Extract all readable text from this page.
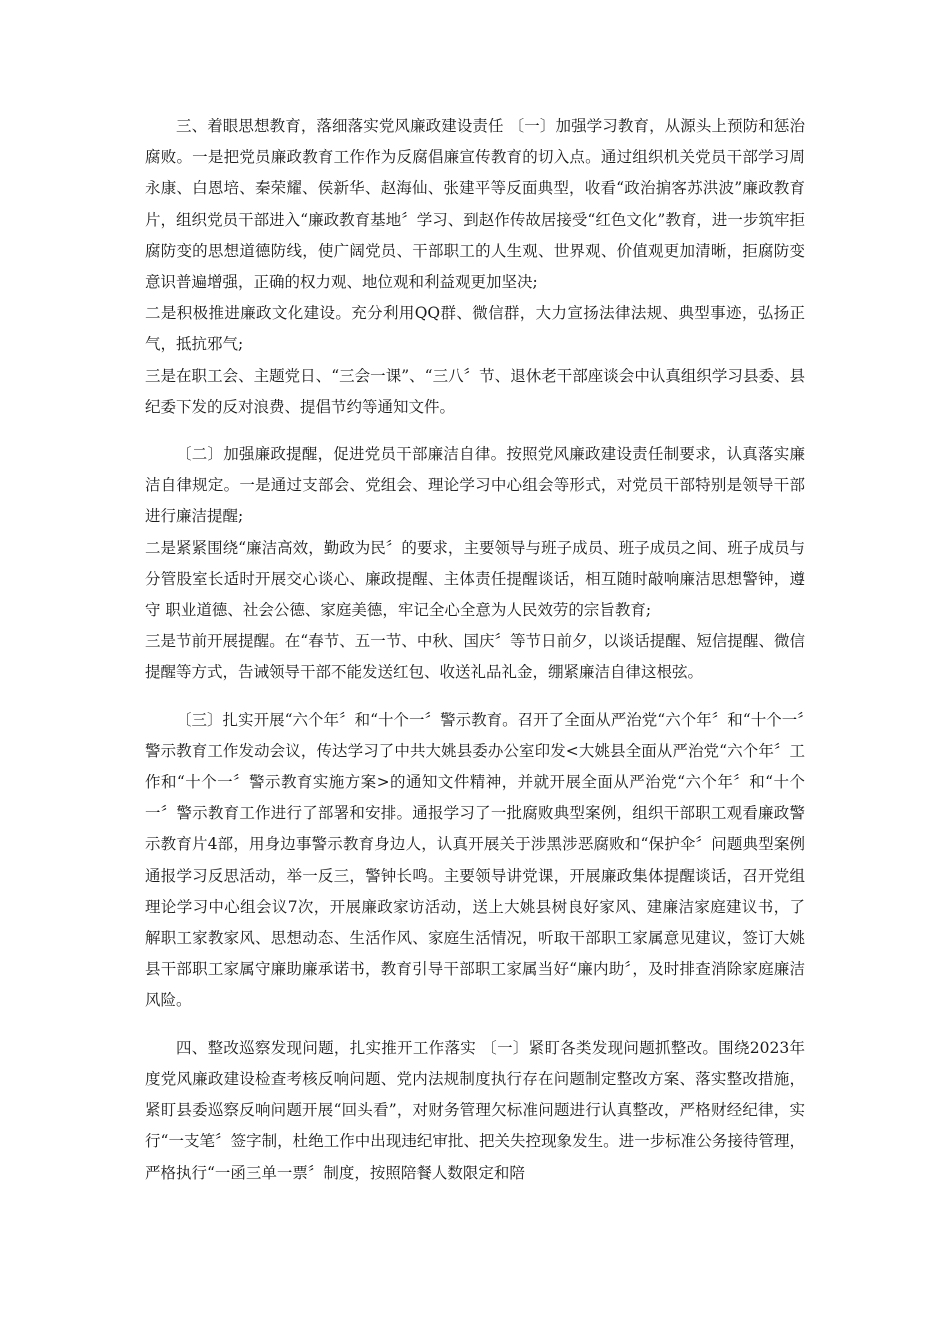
三、着眼思想教育，落细落实党风廉政建设责任 〔一〕加强学习教育，从源头上预防和惩治腐败。一是把党员廉政教育工作作为反腐倡廉宣传教育的切入点。通过组织机关党员干部学习周永康、白恩培、秦荣耀、侯新华、赵海仙、张建平等反面典型，收看“政治掮客苏洪波”廉政教育片，组织党员干部进入“廉政教育基地〞学习、到赵作传故居接受“红色文化”教育，进一步筑牢拒腐防变的思想道德防线，使广阔党员、干部职工的人生观、世界观、价值观更加清晰，拒腐防变意识普遍增强，正确的权力观、地位观和利益观更加坚决;

二是积极推进廉政文化建设。充分利用QQ群、微信群，大力宣扬法律法规、典型事迹，弘扬正气，抵抗邪气;

三是在职工会、主题党日、“三会一课”、“三八〞节、退休老干部座谈会中认真组织学习县委、县纪委下发的反对浪费、提倡节约等通知文件。

〔二〕加强廉政提醒，促进党员干部廉洁自律。按照党风廉政建设责任制要求，认真落实廉洁自律规定。一是通过支部会、党组会、理论学习中心组会等形式，对党员干部特别是领导干部进行廉洁提醒;

二是紧紧围绕“廉洁高效，勤政为民〞的要求，主要领导与班子成员、班子成员之间、班子成员与分管股室长适时开展交心谈心、廉政提醒、主体责任提醒谈话，相互随时敲响廉洁思想警钟，遵守 职业道德、社会公德、家庭美德，牢记全心全意为人民效劳的宗旨教育;

三是节前开展提醒。在“春节、五一节、中秋、国庆〞等节日前夕，以谈话提醒、短信提醒、微信提醒等方式，告诫领导干部不能发送红包、收送礼品礼金，绷紧廉洁自律这根弦。

〔三〕扎实开展“六个年〞和“十个一〞警示教育。召开了全面从严治党“六个年〞和“十个一〞警示教育工作发动会议，传达学习了中共大姚县委办公室印发<大姚县全面从严治党“六个年〞工作和“十个一〞警示教育实施方案>的通知文件精神，并就开展全面从严治党“六个年〞和“十个一〞警示教育工作进行了部署和安排。通报学习了一批腐败典型案例，组织干部职工观看廉政警示教育片4部，用身边事警示教育身边人，认真开展关于涉黑涉恶腐败和“保护伞〞问题典型案例通报学习反思活动，举一反三，警钟长鸣。主要领导讲党课，开展廉政集体提醒谈话，召开党组理论学习中心组会议7次，开展廉政家访活动，送上大姚县树良好家风、建廉洁家庭建议书，了解职工家教家风、思想动态、生活作风、家庭生活情况，听取干部职工家属意见建议，签订大姚县干部职工家属守廉助廉承诺书，教育引导干部职工家属当好“廉内助〞，及时排查消除家庭廉洁风险。

四、整改巡察发现问题，扎实推开工作落实 〔一〕紧盯各类发现问题抓整改。围绕2023年度党风廉政建设检查考核反响问题、党内法规制度执行存在问题制定整改方案、落实整改措施，紧盯县委巡察反响问题开展“回头看”，对财务管理欠标准问题进行认真整改，严格财经纪律，实行“一支笔〞签字制，杜绝工作中出现违纪审批、把关失控现象发生。进一步标准公务接待管理，严格执行“一函三单一票〞制度，按照陪餐人数限定和陪
